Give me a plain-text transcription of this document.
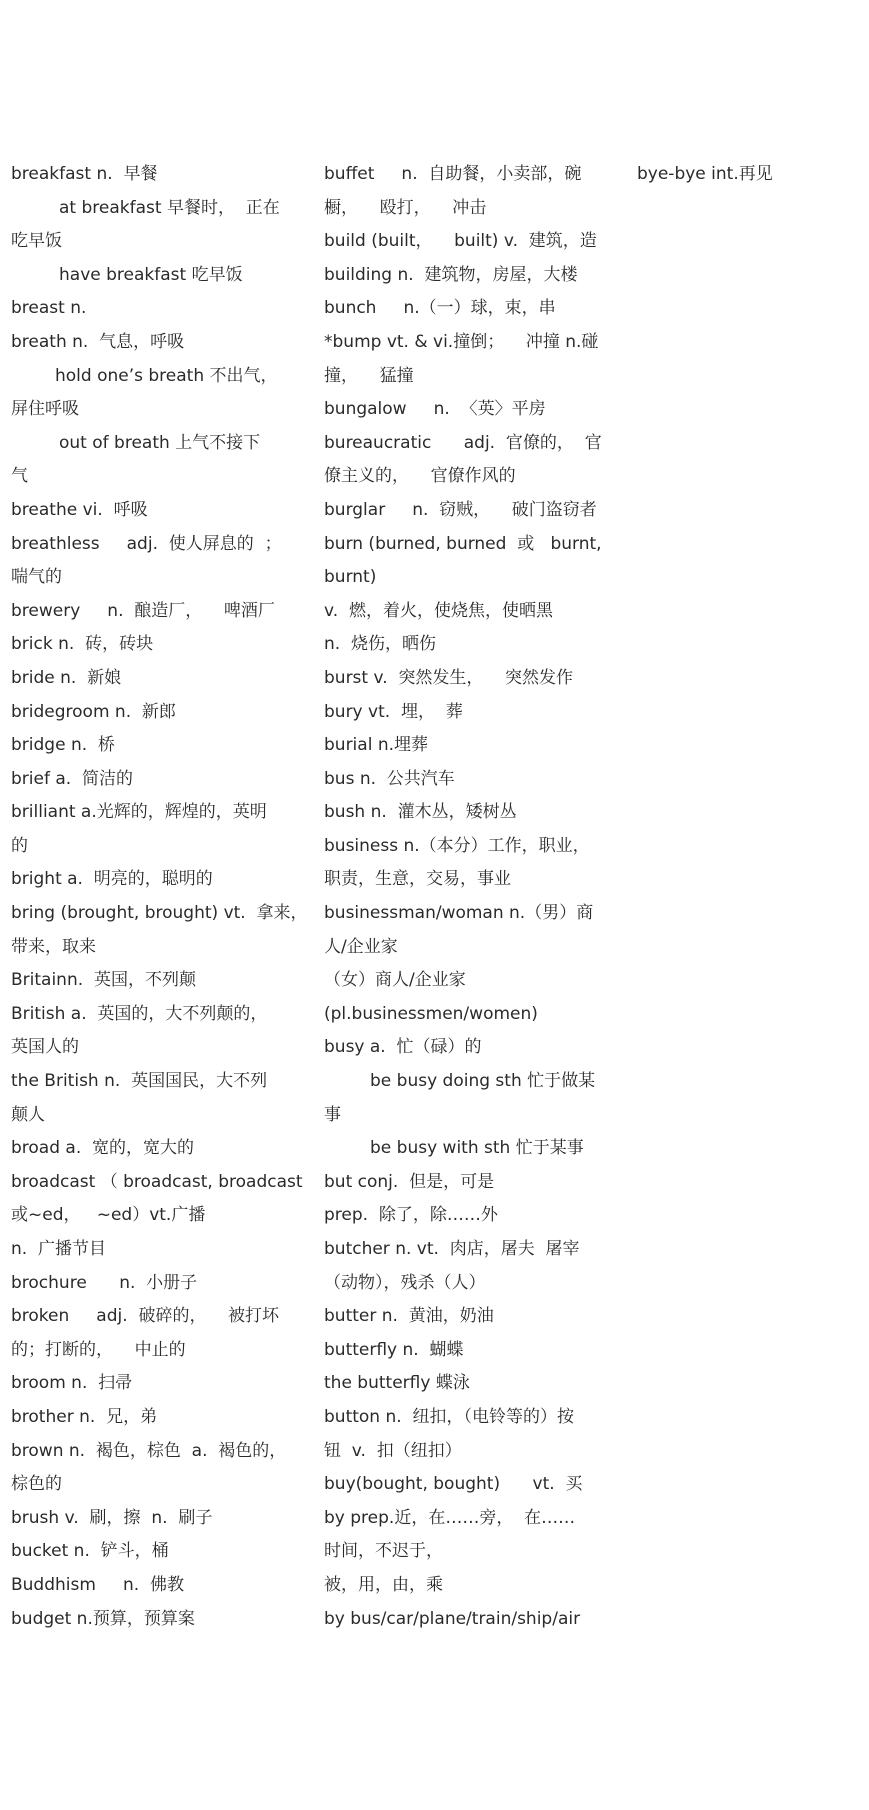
breakfast n.  早餐
at breakfast 早餐时，  正在
吃早饭
have breakfast 吃早饭
breast n.
breath n.  气息，呼吸
hold one’s breath 不出气，
屏住呼吸
out of breath 上气不接下
气
breathe vi.  呼吸
breathless     adj.  使人屏息的  ；
喘气的
brewery     n.  酿造厂，    啤酒厂
brick n.  砖，砖块
bride n.  新娘
bridegroom n.  新郎
bridge n.  桥
brief a.  简洁的
brilliant a.光辉的，辉煌的，英明
的
bright a.  明亮的，聪明的
bring (brought, brought) vt.  拿来，
带来，取来
Britainn.  英国，不列颠
British a.  英国的，大不列颠的，
英国人的
the British n.  英国国民，大不列
颠人
broad a.  宽的，宽大的
broadcast （ broadcast, broadcast
或~ed，   ~ed）vt.广播
n.  广播节目
brochure      n.  小册子
broken     adj.  破碎的，    被打坏
的；打断的，    中止的
broom n.  扫帚
brother n.  兄，弟
brown n.  褐色，棕色  a.  褐色的，
棕色的
brush v.  刷，擦  n.  刷子
bucket n.  铲斗，桶
Buddhism     n.  佛教
budget n.预算，预算案
buffet     n.  自助餐，小卖部，碗
橱，    殴打，    冲击
build (built，    built) v.  建筑，造
building n.  建筑物，房屋，大楼
bunch     n.（一）球，束，串
*bump vt. & vi.撞倒；    冲撞 n.碰
撞，    猛撞
bungalow     n.  〈英〉平房
bureaucratic      adj.  官僚的，  官
僚主义的，    官僚作风的
burglar     n.  窃贼，    破门盗窃者
burn (burned, burned  或   burnt,
burnt)
v.  燃，着火，使烧焦，使晒黑
n.  烧伤，晒伤
burst v.  突然发生，    突然发作
bury vt.  埋，  葬
burial n.埋葬
bus n.  公共汽车
bush n.  灌木丛，矮树丛
business n.（本分）工作，职业，
职责，生意，交易，事业
businessman/woman n.（男）商
人/企业家
（女）商人/企业家
(pl.businessmen/women)
busy a.  忙（碌）的
be busy doing sth 忙于做某
事
be busy with sth 忙于某事
but conj.  但是，可是
prep.  除了，除……外
butcher n. vt.  肉店，屠夫  屠宰
（动物），残杀（人）
butter n.  黄油，奶油
butterfly n.  蝴蝶
the butterfly 蝶泳
button n.  纽扣，（电铃等的）按
钮  v.  扣（纽扣）
buy(bought, bought)      vt.  买
by prep.近，在……旁，  在……
时间，不迟于，
被，用，由，乘
by bus/car/plane/train/ship/air
bye-bye int.再见
